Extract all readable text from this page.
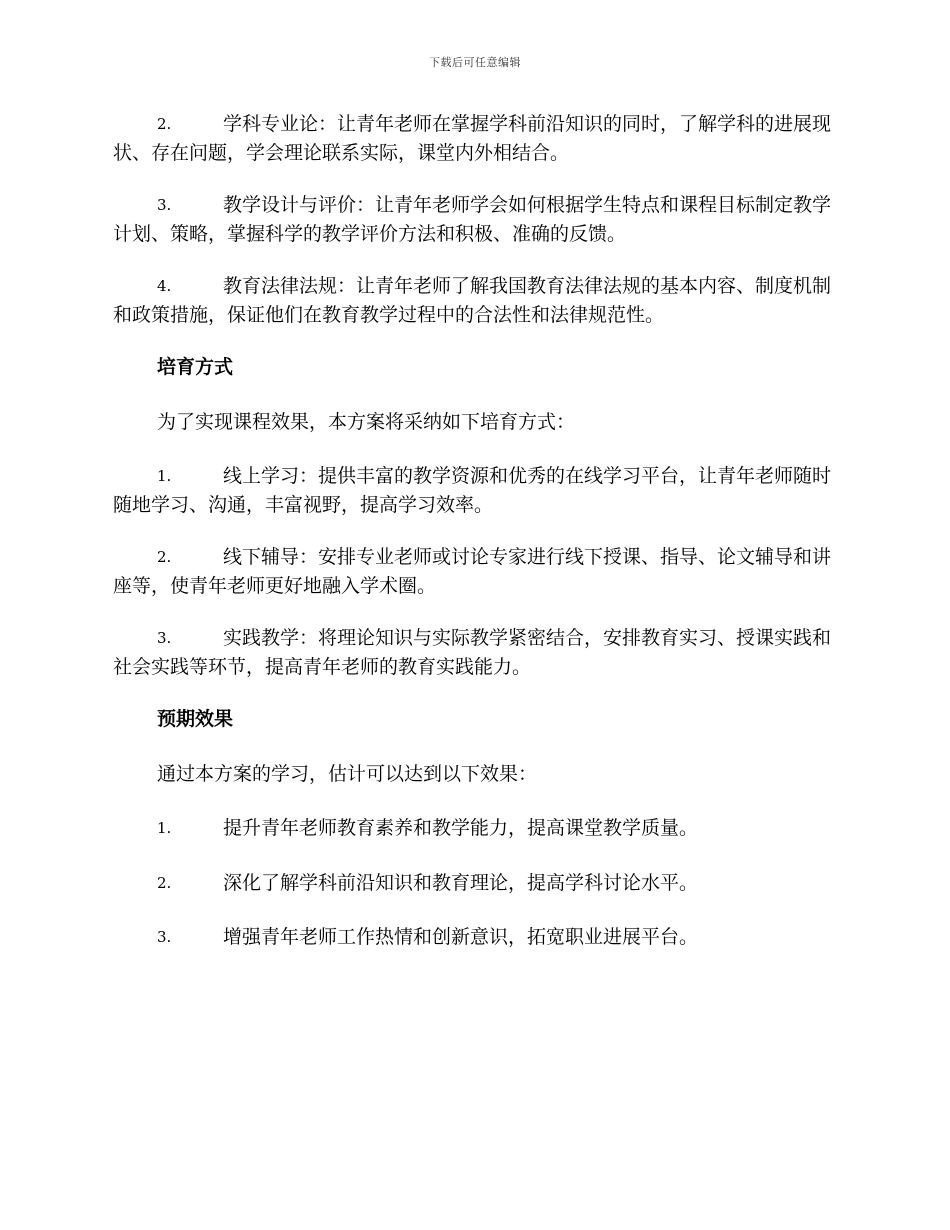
下载后可任意编辑
2.	学科专业论：让青年老师在掌握学科前沿知识的同时，了解学科的进展现状、存在问题，学会理论联系实际，课堂内外相结合。
3.	教学设计与评价：让青年老师学会如何根据学生特点和课程目标制定教学计划、策略，掌握科学的教学评价方法和积极、准确的反馈。
4.	教育法律法规：让青年老师了解我国教育法律法规的基本内容、制度机制和政策措施，保证他们在教育教学过程中的合法性和法律规范性。
培育方式
为了实现课程效果，本方案将采纳如下培育方式：
1.	线上学习：提供丰富的教学资源和优秀的在线学习平台，让青年老师随时随地学习、沟通，丰富视野，提高学习效率。
2.	线下辅导：安排专业老师或讨论专家进行线下授课、指导、论文辅导和讲座等，使青年老师更好地融入学术圈。
3.	实践教学：将理论知识与实际教学紧密结合，安排教育实习、授课实践和社会实践等环节，提高青年老师的教育实践能力。
预期效果
通过本方案的学习，估计可以达到以下效果：
1.	提升青年老师教育素养和教学能力，提高课堂教学质量。
2.	深化了解学科前沿知识和教育理论，提高学科讨论水平。
3.	增强青年老师工作热情和创新意识，拓宽职业进展平台。
